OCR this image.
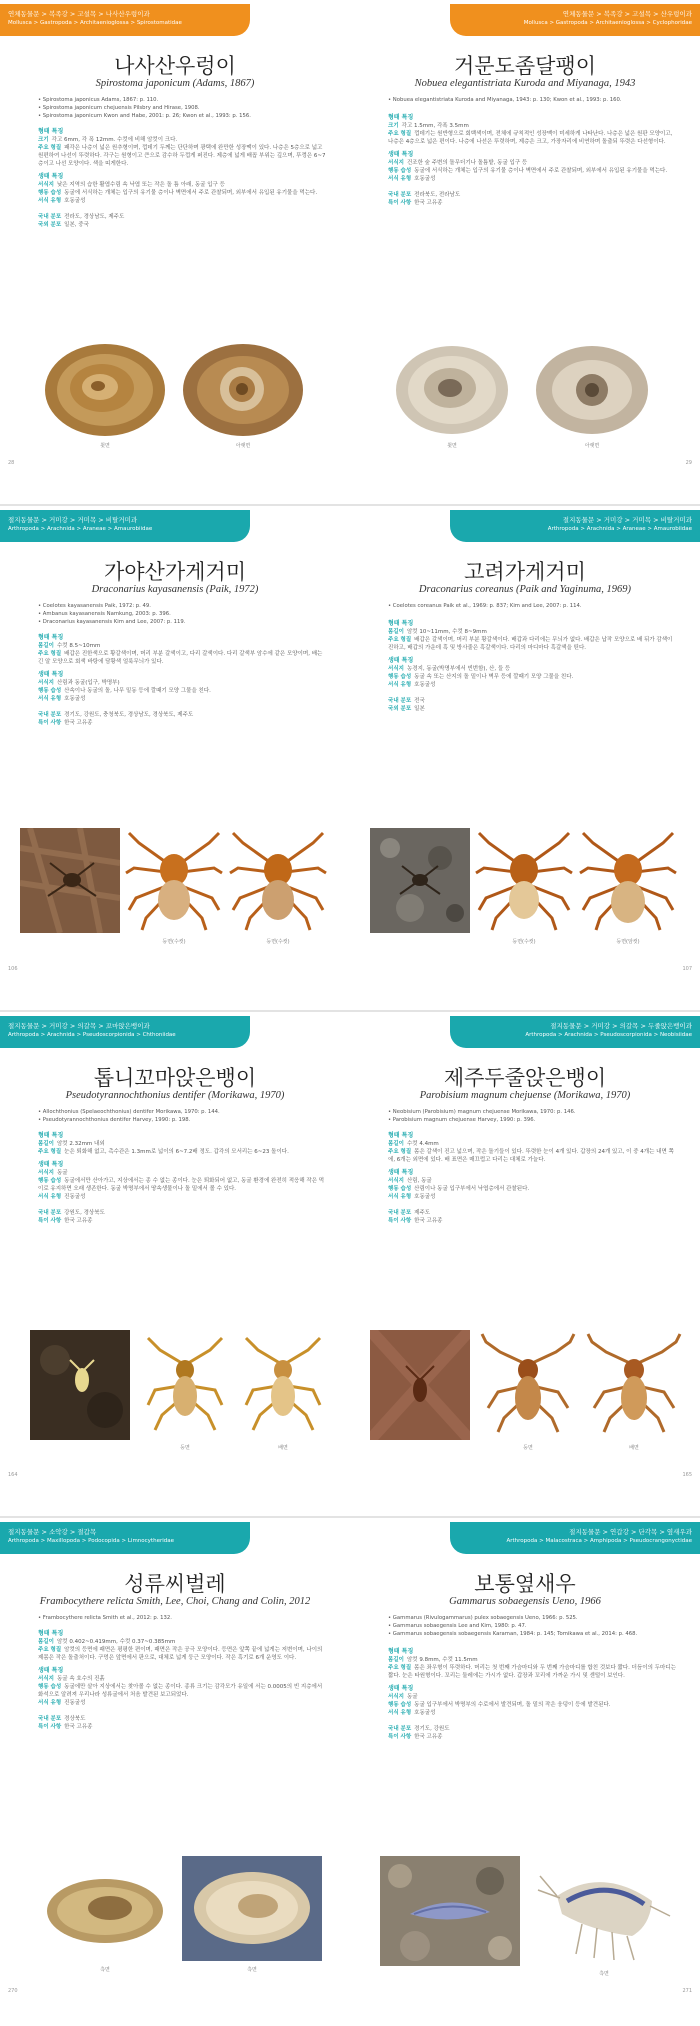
연체동물문 > 복족강 > 고설목 > 나사산우렁이과
Mollusca > Gastropoda > Architaenioglossa > Spirostomatidae
나사산우렁이
Spirostoma japonicum (Adams, 1867)
• Spirostoma japonicus Adams, 1867: p. 110.
• Spirostoma japonicum chejuensis Pilsbry and Hirase, 1908.
• Spirostoma japonicum Kwon and Habe, 2001: p. 26; Kwon et al., 1993: p. 156.
형태 특징
크기 각고 6mm, 각 폭 12mm. 수컷에 비해 암컷이 크다.
주요 형질 패각은 나층이 넓은 원추형이며, 껍데기 두께는 단단하며 광택에 완만한 성장맥이 있다. 나층은 5층으로 넓고 원편하여 나선이 뚜렷하다. 각구는 원형이고 큰으로 감수하 두껍게 퍼진다. 제층에 넓게 배꼽 부위는 깊으며, 뚜껑은 6~7층이고 나선 모양이다. 색을 띠게한다.
생태 특징
서식지 낮은 지역의 습한 활엽수림 속 낙엽 또는 작은 돌 틈 아래, 동굴 입구 등
행동 습성 동굴에 서식하는 개체는 입구의 유기물 층이나 벽면에서 주로 관찰되며, 외부에서 유입된 유기물을 먹는다.
서식 유형 호동굴성
국내 분포 전라도, 경상남도, 제주도
국외 분포 일본, 중국
윗면	아랫면
28
연체동물문 > 복족강 > 고설목 > 산우렁이과
Mollusca > Gastropoda > Architaenioglossa > Cyclophoridae
거문도좀달팽이
Nobuea elegantistriata Kuroda and Miyanaga, 1943
• Nobuea elegantistriata Kuroda and Miyanaga, 1943: p. 130; Kwon et al., 1993: p. 160.
형태 특징
크기 각고 1.5mm, 각폭 3.5mm
주요 형질 껍데기는 원반형으로 회백색이며, 전체에 규칙적인 성장맥이 미세하게 나타난다. 나층은 넓은 원판 모양이고, 나층은 4층으로 넓은 편이다. 나층에 나선은 뚜렷하며, 제층은 크고, 가장자리에 비연하며 돌출되 뚜렷은 다선형이다.
생태 특징
서식지 건조한 숲 주변의 돌무더기나 돌틈밭, 동굴 입구 등
행동 습성 동굴에 서식하는 개체는 입구의 유기물 층이나 벽면에서 주로 관찰되며, 외부에서 유입된 유기물을 먹는다.
서식 유형 호동굴성
국내 분포 전라북도, 전라남도
특이 사항 한국 고유종
윗면	아랫면
29
절지동물문 > 거미강 > 거미목 > 비탈거미과
Arthropoda > Arachnida > Araneae > Amaurobiidae
가야산가게거미
Draconarius kayasanensis (Paik, 1972)
• Coelotes kayasanensis Paik, 1972: p. 49.
• Ambanus kayasanensis Namkung, 2003: p. 396.
• Draconarius kayasanensis Kim and Lee, 2007: p. 119.
형태 특징
몸길이 수컷 8.5~10mm
주요 형질 배갑은 진한색으로 황갈색이며, 머리 부분 갈색이고, 다리 갈색이다. 다리 갈색부 암수에 같은 모양이며, 배는 긴 알 모양으로 회색 바탕에 담황색 얼룩무늬가 있다.
생태 특징
서식지 산림과 동굴(입구, 박명부)
행동 습성 산속이나 동굴의 돌, 나무 밑동 등에 깔때기 모양 그물을 친다.
서식 유형 호동굴성
국내 분포 경기도, 강원도, 충청북도, 경상남도, 경상북도, 제주도
특이 사항 한국 고유종
등면(수컷)	등면(수컷)
106
절지동물문 > 거미강 > 거미목 > 비탈거미과
Arthropoda > Arachnida > Araneae > Amaurobiidae
고려가게거미
Draconarius coreanus (Paik and Yaginuma, 1969)
• Coelotes coreanus Paik et al., 1969: p. 837; Kim and Lee, 2007: p. 114.
형태 특징
몸길이 암컷 10~11mm, 수컷 8~9mm
주요 형질 배갑은 갈색이며, 머리 부분 황갈색이다. 배갑과 다리에는 무늬가 없다. 배갑은 납작 모양으로 배 뒤가 감색이 진하고, 배갑의 가운데 흑 및 방사줄은 흑갈색이다. 다리의 마디마다 흑갈색을 띤다.
생태 특징
서식지 농경지, 동굴(박명부에서 빈번함), 산, 들 등
행동 습성 동굴 속 또는 산지의 돌 밑이나 벽무 등에 깔때기 모양 그물을 친다.
서식 유형 호동굴성
국내 분포 전국
국외 분포 일본
등면(수컷)	등면(암컷)
107
절지동물문 > 거미강 > 의갈목 > 꼬마앉은뱅이과
Arthropoda > Arachnida > Pseudoscorpionida > Chthoniidae
톱니꼬마앉은뱅이
Pseudotyrannochthonius dentifer (Morikawa, 1970)
• Allochthonius (Spelaeochthonius) dentifer Morikawa, 1970: p. 144.
• Pseudotyrannochthonius dentifer Harvey, 1990: p. 198.
형태 특징
몸길이 암컷 2.32mm 내외
주요 형질 눈은 퇴화해 없고, 촉수관은 1.3mm로 넓이의 6~7.2배 정도. 갑각의 모서리는 6~23 돌이다.
생태 특징
서식지 동굴
행동 습성 동굴에서만 산아가고, 지상에서는 종 수 없는 종이다. 눈은 퇴화되어 없고, 동굴 환경에 완전히 적응해 작은 먹이로 유지하면 오래 생존한다. 동굴 박명부에서 땅속생물이나 돌 밑에서 볼 수 있다.
서식 유형 진동굴성
국내 분포 강원도, 경상북도
특이 사항 한국 고유종
등면	배면
164
절지동물문 > 거미강 > 의갈목 > 두줄앉은뱅이과
Arthropoda > Arachnida > Pseudoscorpionida > Neobisiidae
제주두줄앉은뱅이
Parobisium magnum chejuense (Morikawa, 1970)
• Neobisium (Parobisium) magnum chejuense Morikawa, 1970: p. 146.
• Parobisium magnum chejuense Harvey, 1990: p. 396.
형태 특징
몸길이 수컷 4.4mm
주요 형질 몸은 갈색이 진고 넓으며, 작은 돌기들이 있다. 뚜렷한 눈이 4개 있다. 갑장의 24개 있고, 이 중 4개는 내면 쪽에, 6개는 외면에 있다. 배 표면은 매끄럽고 다리는 대체로 가늘다.
생태 특징
서식지 산림, 동굴
행동 습성 산림이나 동굴 입구부에서 낙엽층에서 관찰된다.
서식 유형 호동굴성
국내 분포 제주도
특이 사항 한국 고유종
등면	배면
165
절지동물문 > 소악강 > 절갑목
Arthropoda > Maxillopoda > Podocopida > Limnocytheridae
성류씨벌레
Frambocythere relicta Smith, Lee, Choi, Chang and Colin, 2012
• Frambocythere relicta Smith et al., 2012: p. 132.
형태 특징
몸길이 암컷 0.402~0.419mm, 수컷 0.37~0.385mm
주요 형질 암컷의 등면에 패면은 평평한 편이며, 패면은 작은 공극 모양이다. 등면은 앞쪽 끝에 넓게는 저변이며, 나이의 제몸은 작은 돌출처이다. 구멍은 앞면에서 판으로, 대체로 넓게 둥근 모양이다. 작은 흑기로 6개 운영도 이다.
생태 특징
서식지 동굴 속 호수의 진흙
행동 습성 동굴에만 살아 지상에서는 찾아볼 수 없는 종이다. 종류 크기는 감각모가 유일에 서는 0.0005의 빈 지층에서 화석으로 알려져 우리나라 성류굴에서 처음 발견된 보고되었다.
서식 유형 진동굴성
국내 분포 경상북도
특이 사항 한국 고유종
측면	측면
270
절지동물문 > 연갑강 > 단각목 > 옆새우과
Arthropoda > Malacostraca > Amphipoda > Pseudocrangonyctidae
보통옆새우
Gammarus sobaegensis Ueno, 1966
• Gammarus (Rivulogammarus) pulex sobaegensis Ueno, 1966: p. 525.
• Gammarus sobaegensis Lee and Kim, 1980: p. 47.
• Gammarus sobaegensis sobaegensis Karaman, 1984: p. 145; Tomikawa et al., 2014: p. 468.
형태 특징
몸길이 암컷 9.8mm, 수컷 11.5mm
주요 형질 몸은 좌우형이 뚜렷하다. 머리는 첫 번째 가슴마디와 두 번째 가슴마디를 합친 것보다 짧다. 더듬이의 두마디는 짧다. 눈은 타원형이다. 꼬리는 둘레에는 가시가 없다. 갑장과 꼬리에 가까운 가시 및 센털이 보인다.
생태 특징
서식지 동굴
행동 습성 동굴 입구부에서 박명부의 수로에서 발견되며, 돌 밑의 작은 웅덩이 등에 발견된다.
서식 유형 호동굴성
국내 분포 경기도, 강원도
특이 사항 한국 고유종
측면
271
